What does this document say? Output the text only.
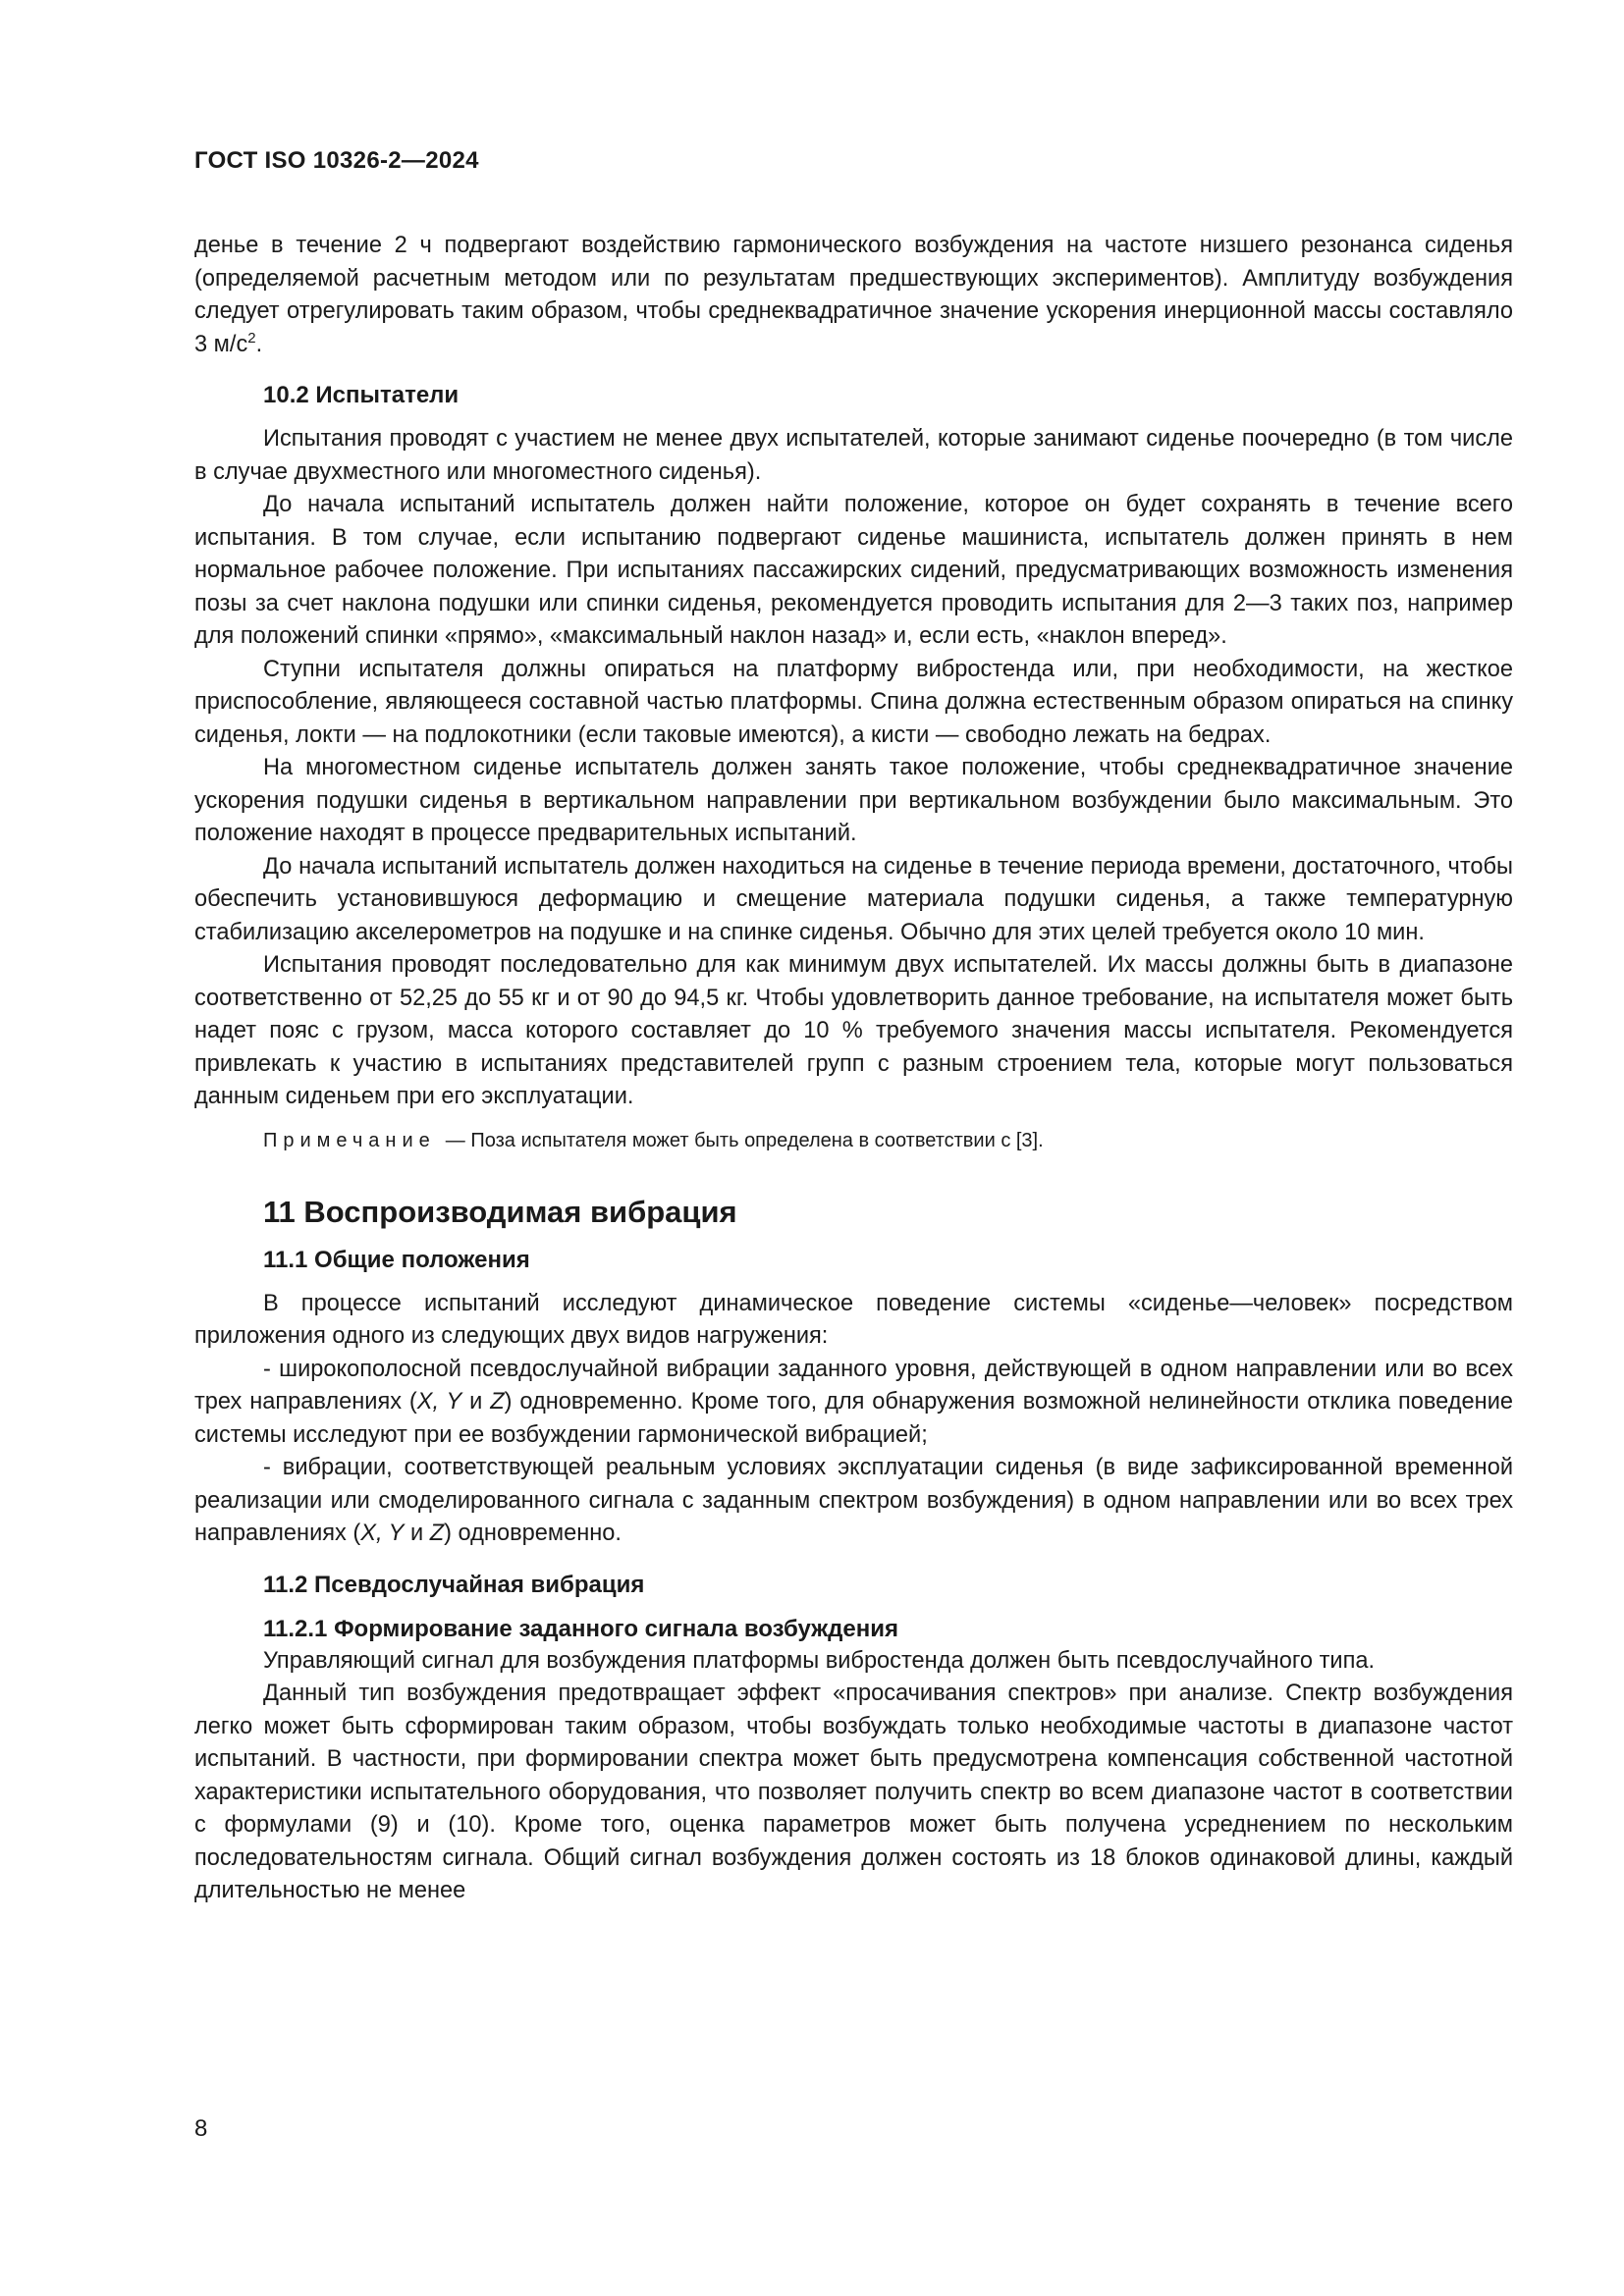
ГОСТ ISO 10326-2—2024

денье в течение 2 ч подвергают воздействию гармонического возбуждения на частоте низшего резонанса сиденья (определяемой расчетным методом или по результатам предшествующих экспериментов). Амплитуду возбуждения следует отрегулировать таким образом, чтобы среднеквадратичное значение ускорения инерционной массы составляло 3 $м/с^2$.

10.2 Испытатели

Испытания проводят с участием не менее двух испытателей, которые занимают сиденье поочередно (в том числе в случае двухместного или многоместного сиденья).

До начала испытаний испытатель должен найти положение, которое он будет сохранять в течение всего испытания. В том случае, если испытанию подвергают сиденье машиниста, испытатель должен принять в нем нормальное рабочее положение. При испытаниях пассажирских сидений, предусматривающих возможность изменения позы за счет наклона подушки или спинки сиденья, рекомендуется проводить испытания для 2—3 таких поз, например для положений спинки «прямо», «максимальный наклон назад» и, если есть, «наклон вперед».

Ступни испытателя должны опираться на платформу вибростенда или, при необходимости, на жесткое приспособление, являющееся составной частью платформы. Спина должна естественным образом опираться на спинку сиденья, локти — на подлокотники (если таковые имеются), а кисти — свободно лежать на бедрах.

На многоместном сиденье испытатель должен занять такое положение, чтобы среднеквадратичное значение ускорения подушки сиденья в вертикальном направлении при вертикальном возбуждении было максимальным. Это положение находят в процессе предварительных испытаний.

До начала испытаний испытатель должен находиться на сиденье в течение периода времени, достаточного, чтобы обеспечить установившуюся деформацию и смещение материала подушки сиденья, а также температурную стабилизацию акселерометров на подушке и на спинке сиденья. Обычно для этих целей требуется около 10 мин.

Испытания проводят последовательно для как минимум двух испытателей. Их массы должны быть в диапазоне соответственно от 52,25 до 55 кг и от 90 до 94,5 кг. Чтобы удовлетворить данное требование, на испытателя может быть надет пояс с грузом, масса которого составляет до 10 % требуемого значения массы испытателя. Рекомендуется привлекать к участию в испытаниях представителей групп с разным строением тела, которые могут пользоваться данным сиденьем при его эксплуатации.

Примечание — Поза испытателя может быть определена в соответствии с [3].
11 Воспроизводимая вибрация
11.1 Общие положения

В процессе испытаний исследуют динамическое поведение системы «сиденье—человек» посредством приложения одного из следующих двух видов нагружения:

- широкополосной псевдослучайной вибрации заданного уровня, действующей в одном направлении или во всех трех направлениях (X, Y и Z) одновременно. Кроме того, для обнаружения возможной нелинейности отклика поведение системы исследуют при ее возбуждении гармонической вибрацией;

- вибрации, соответствующей реальным условиях эксплуатации сиденья (в виде зафиксированной временной реализации или смоделированного сигнала с заданным спектром возбуждения) в одном направлении или во всех трех направлениях (X, Y и Z) одновременно.

11.2 Псевдослучайная вибрация
11.2.1 Формирование заданного сигнала возбуждения

Управляющий сигнал для возбуждения платформы вибростенда должен быть псевдослучайного типа.

Данный тип возбуждения предотвращает эффект «просачивания спектров» при анализе. Спектр возбуждения легко может быть сформирован таким образом, чтобы возбуждать только необходимые частоты в диапазоне частот испытаний. В частности, при формировании спектра может быть предусмотрена компенсация собственной частотной характеристики испытательного оборудования, что позволяет получить спектр во всем диапазоне частот в соответствии с формулами (9) и (10). Кроме того, оценка параметров может быть получена усреднением по нескольким последовательностям сигнала. Общий сигнал возбуждения должен состоять из 18 блоков одинаковой длины, каждый длительностью не менее

8
